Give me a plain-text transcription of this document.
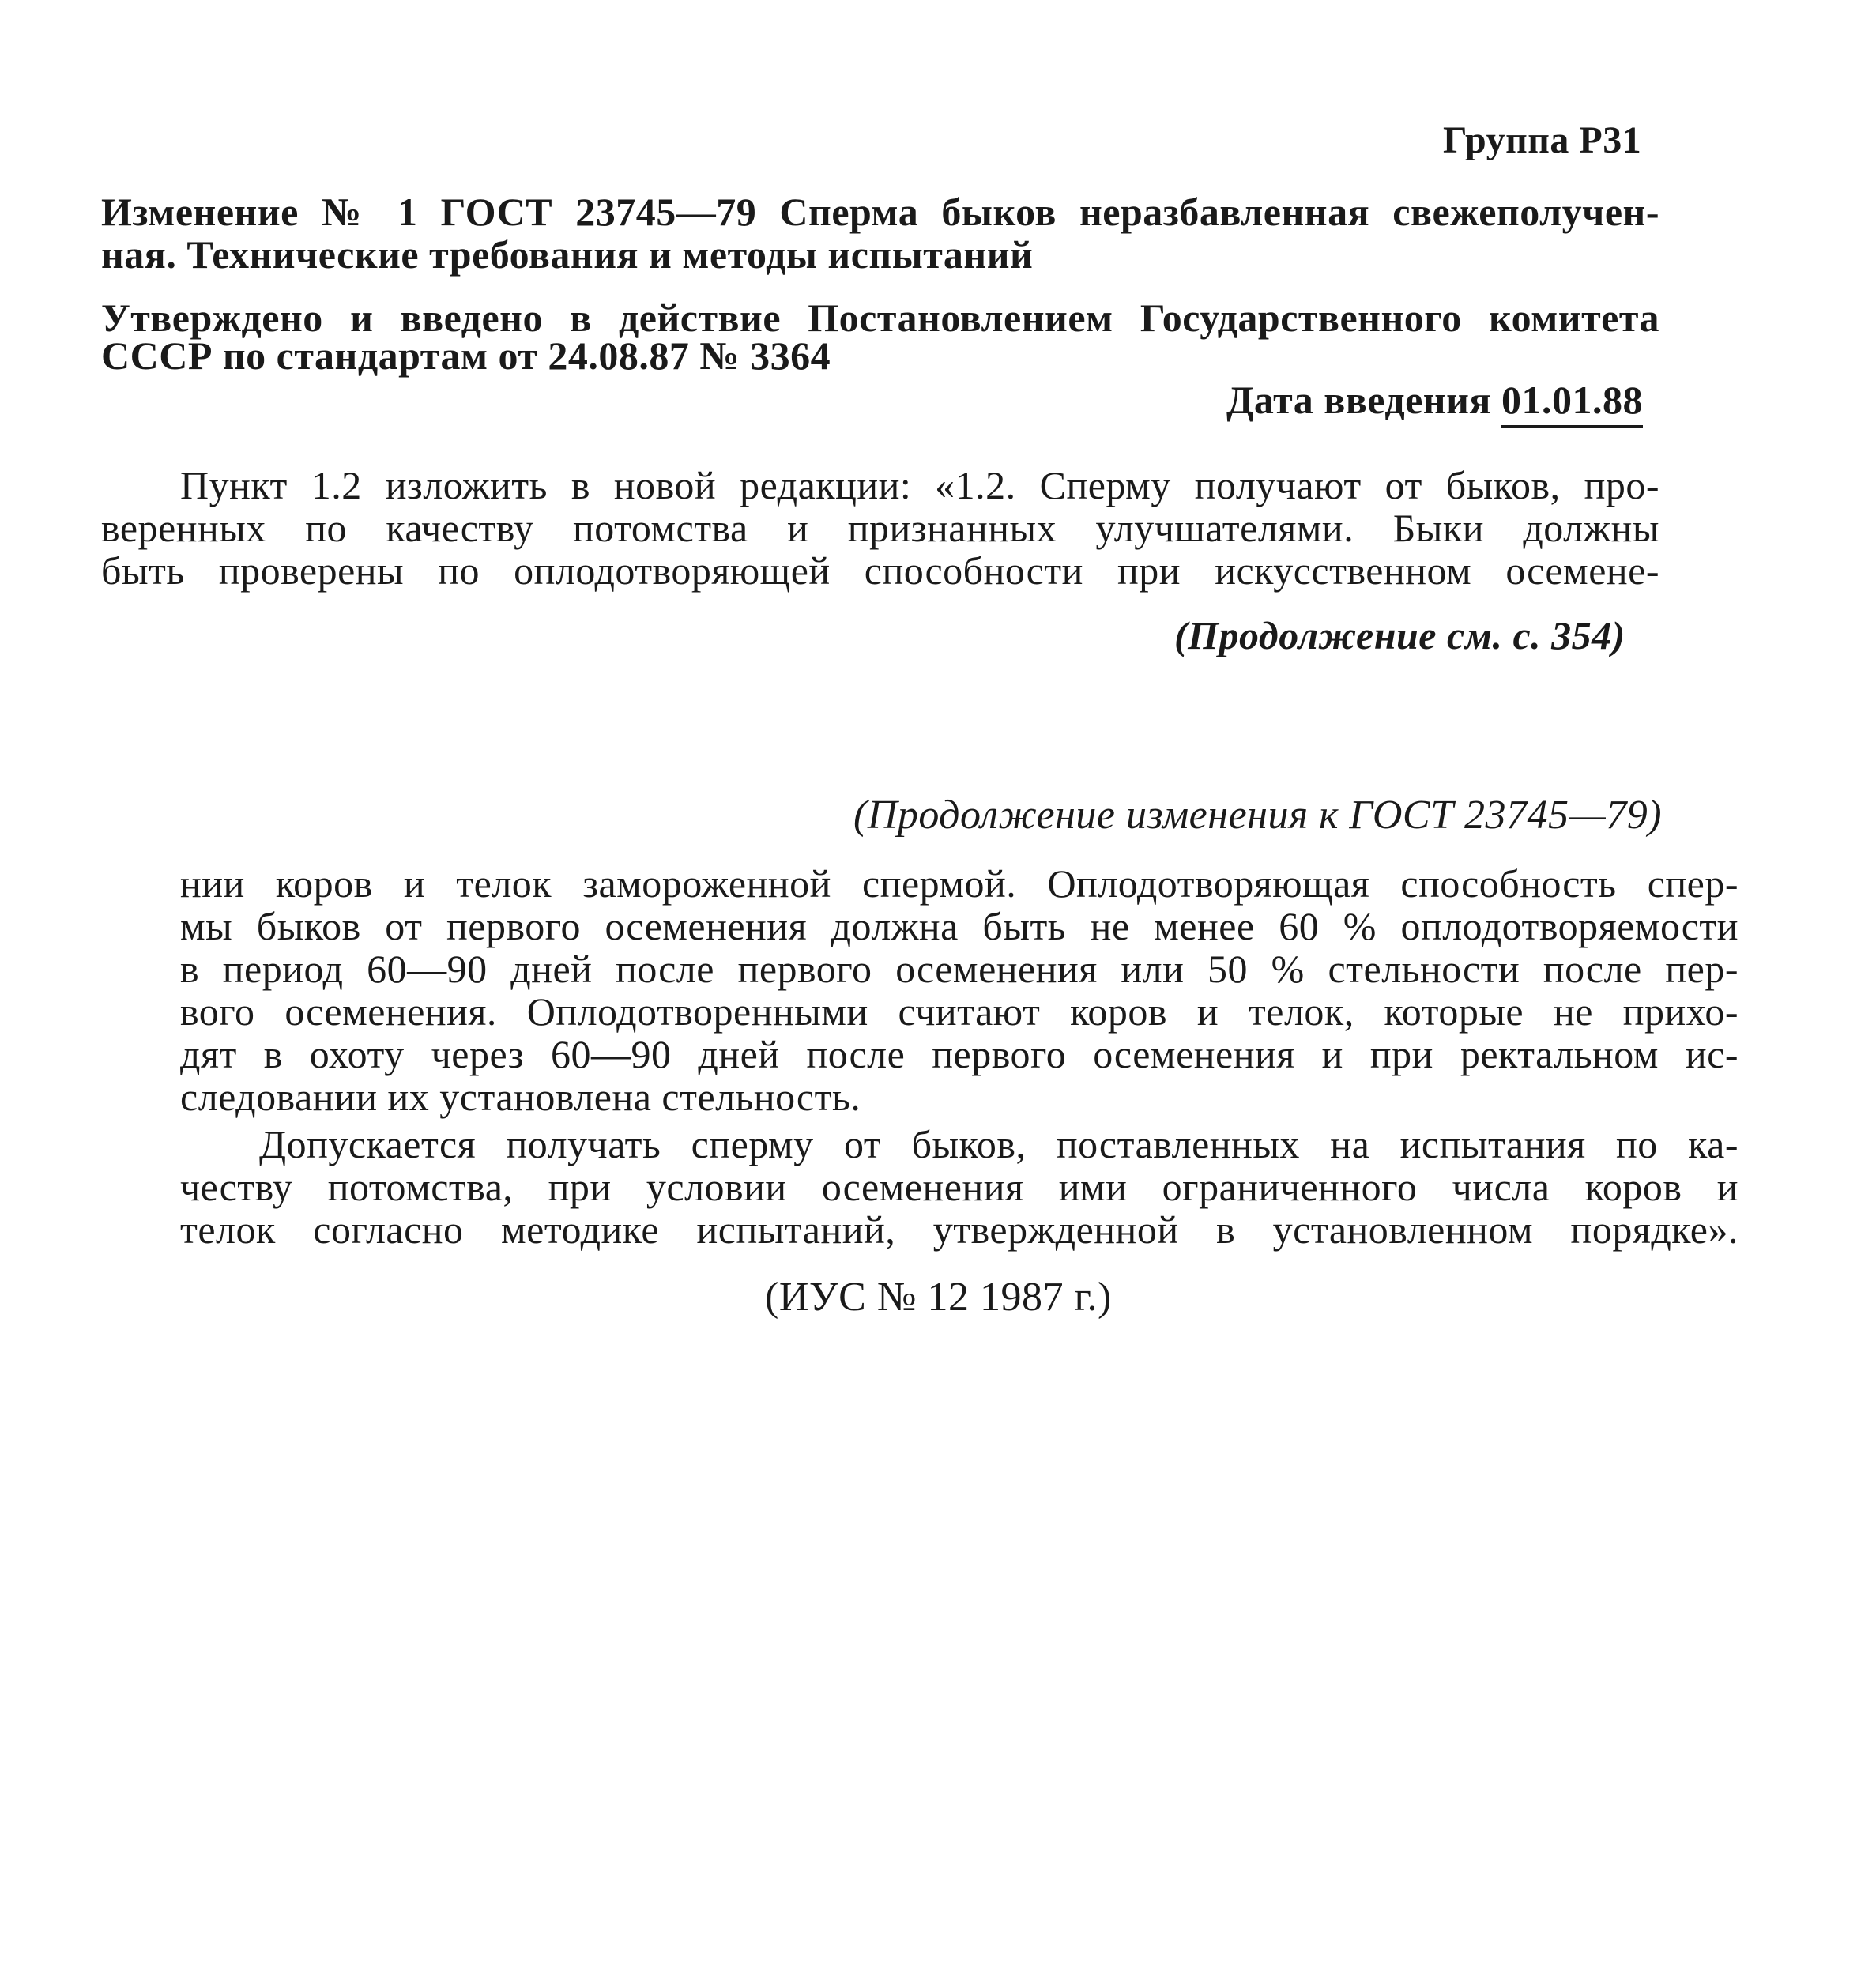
Группа Р31
Изменение № 1 ГОСТ 23745—79 Сперма быков неразбавленная свежеполучен-
ная. Технические требования и методы испытаний
Утверждено и введено в действие Постановлением Государственного комитета
СССР по стандартам от 24.08.87 № 3364
Дата введения 01.01.88
Пункт 1.2 изложить в новой редакции: «1.2. Сперму получают от быков, про-
веренных по качеству потомства и признанных улучшателями. Быки должны
быть проверены по оплодотворяющей способности при искусственном осемене-
(Продолжение см. с. 354)
(Продолжение изменения к ГОСТ 23745—79)
нии коров и телок замороженной спермой. Оплодотворяющая способность спер-
мы быков от первого осеменения должна быть не менее 60 % оплодотворяемости
в период 60—90 дней после первого осеменения или 50 % стельности после пер-
вого осеменения. Оплодотворенными считают коров и телок, которые не прихо-
дят в охоту через 60—90 дней после первого осеменения и при ректальном ис-
следовании их установлена стельность.
Допускается получать сперму от быков, поставленных на испытания по ка-
честву потомства, при условии осеменения ими ограниченного числа коров и
телок согласно методике испытаний, утвержденной в установленном порядке».
(ИУС № 12 1987 г.)
